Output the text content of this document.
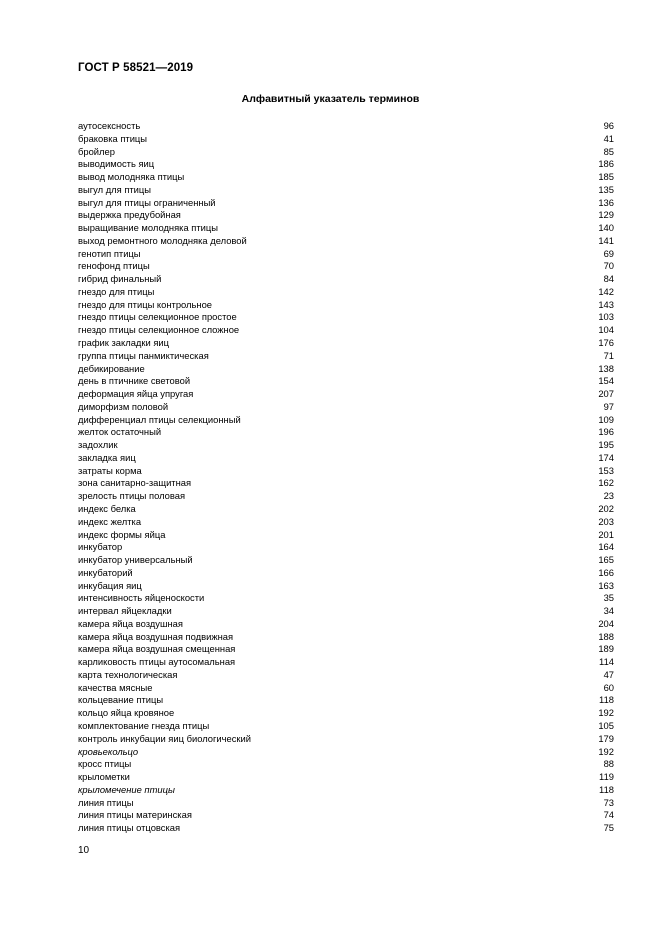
ГОСТ Р 58521—2019
Алфавитный указатель терминов
аутосексность	96
браковка птицы	41
бройлер	85
выводимость яиц	186
вывод молодняка птицы	185
выгул для птицы	135
выгул для птицы ограниченный	136
выдержка предубойная	129
выращивание молодняка птицы	140
выход ремонтного молодняка деловой	141
генотип птицы	69
генофонд птицы	70
гибрид финальный	84
гнездо для птицы	142
гнездо для птицы контрольное	143
гнездо птицы селекционное простое	103
гнездо птицы селекционное сложное	104
график закладки яиц	176
группа птицы панмиктическая	71
дебикирование	138
день в птичнике световой	154
деформация яйца упругая	207
диморфизм половой	97
дифференциал птицы селекционный	109
желток остаточный	196
задохлик	195
закладка яиц	174
затраты корма	153
зона санитарно-защитная	162
зрелость птицы половая	23
индекс белка	202
индекс желтка	203
индекс формы яйца	201
инкубатор	164
инкубатор универсальный	165
инкубаторий	166
инкубация яиц	163
интенсивность яйценоскости	35
интервал яйцекладки	34
камера яйца воздушная	204
камера яйца воздушная подвижная	188
камера яйца воздушная смещенная	189
карликовость птицы аутосомальная	114
карта технологическая	47
качества мясные	60
кольцевание птицы	118
кольцо яйца кровяное	192
комплектование гнезда птицы	105
контроль инкубации яиц биологический	179
кровьекольцо	192
кросс птицы	88
крылометки	119
крыломечение птицы	118
линия птицы	73
линия птицы материнская	74
линия птицы отцовская	75
10
